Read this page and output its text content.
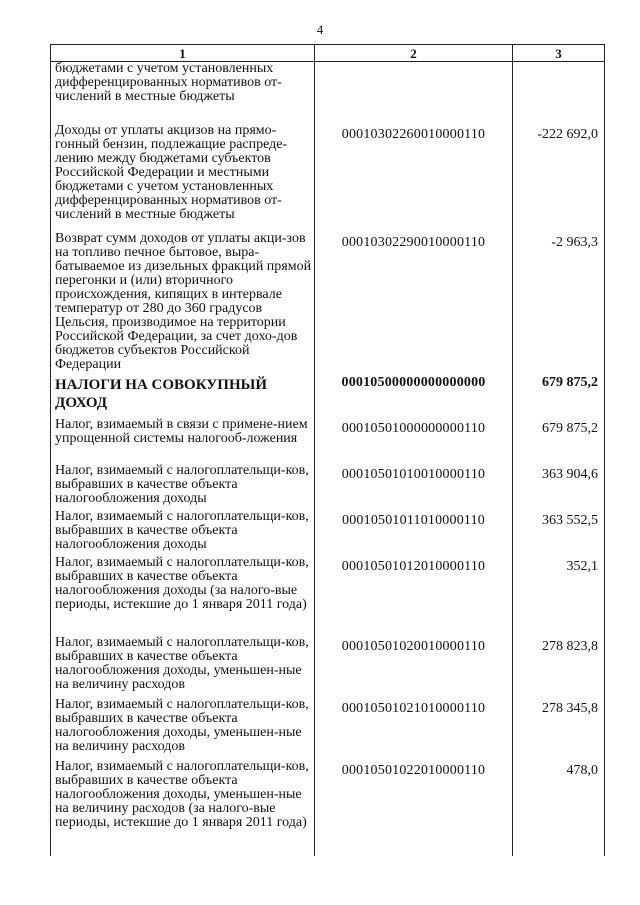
4
1	2	3

бюджетами с учетом установленных дифференцированных нормативов от-числений в местные бюджеты		

Доходы от уплаты акцизов на прямо-гонный бензин, подлежащие распреде-лению между бюджетами субъектов Российской Федерации и местными бюджетами с учетом установленных дифференцированных нормативов от-числений в местные бюджеты	00010302260010000110	-222 692,0

Возврат сумм доходов от уплаты акци-зов на топливо печное бытовое, выра-батываемое из дизельных фракций прямой перегонки и (или) вторичного происхождения, кипящих в интервале температур от 280 до 360 градусов Цельсия, производимое на территории Российской Федерации, за счет дохо-дов бюджетов субъектов Российской Федерации	00010302290010000110	-2 963,3

НАЛОГИ НА СОВОКУПНЫЙ ДОХОД	00010500000000000000	679 875,2

Налог, взимаемый в связи с примене-нием упрощенной системы налогооб-ложения	00010501000000000110	679 875,2

Налог, взимаемый с налогоплательщи-ков, выбравших в качестве объекта налогообложения доходы	00010501010010000110	363 904,6

Налог, взимаемый с налогоплательщи-ков, выбравших в качестве объекта налогообложения доходы	00010501011010000110	363 552,5

Налог, взимаемый с налогоплательщи-ков, выбравших в качестве объекта налогообложения доходы (за налого-вые периоды, истекшие до 1 января 2011 года)	00010501012010000110	352,1

Налог, взимаемый с налогоплательщи-ков, выбравших в качестве объекта налогообложения доходы, уменьшен-ные на величину расходов	00010501020010000110	278 823,8

Налог, взимаемый с налогоплательщи-ков, выбравших в качестве объекта налогообложения доходы, уменьшен-ные на величину расходов	00010501021010000110	278 345,8

Налог, взимаемый с налогоплательщи-ков, выбравших в качестве объекта налогообложения доходы, уменьшен-ные на величину расходов (за налого-вые периоды, истекшие до 1 января 2011 года)	00010501022010000110	478,0
